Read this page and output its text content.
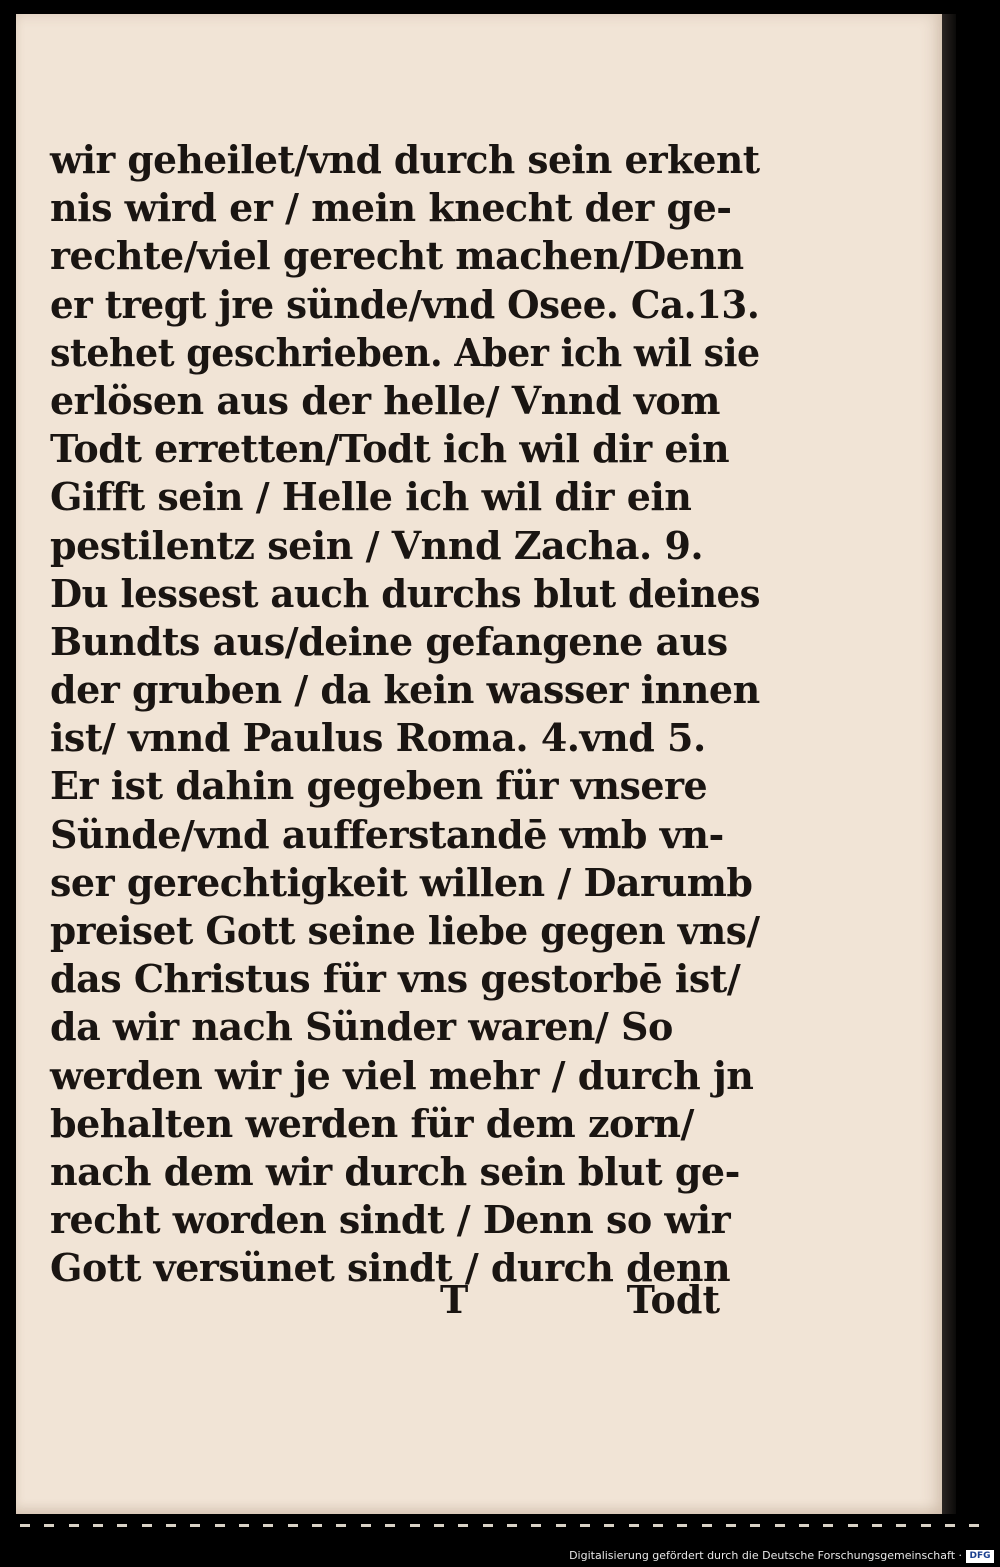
wir geheilet/vnd durch sein erkent
nis wird er / mein knecht der ge-
rechte/viel gerecht machen/Denn
er tregt jre sünde/vnd Osee. Ca.13.
stehet geschrieben. Aber ich wil sie
erlösen aus der helle/ Vnnd vom
Todt erretten/Todt ich wil dir ein
Gifft sein / Helle ich wil dir ein
pestilentz sein / Vnnd Zacha. 9.
Du lessest auch durchs blut deines
Bundts aus/deine gefangene aus
der gruben / da kein wasser innen
ist/ vnnd Paulus Roma. 4.vnd 5.
Er ist dahin gegeben für vnsere
Sünde/vnd aufferstandē vmb vn-
ser gerechtigkeit willen / Darumb
preiset Gott seine liebe gegen vns/
das Christus für vns gestorbē ist/
da wir nach Sünder waren/ So
werden wir je viel mehr / durch jn
behalten werden für dem zorn/
nach dem wir durch sein blut ge-
recht worden sindt / Denn so wir
Gott versünet sindt / durch denn
T	Todt
Digitalisierung gefördert durch die Deutsche Forschungsgemeinschaft · DFG
